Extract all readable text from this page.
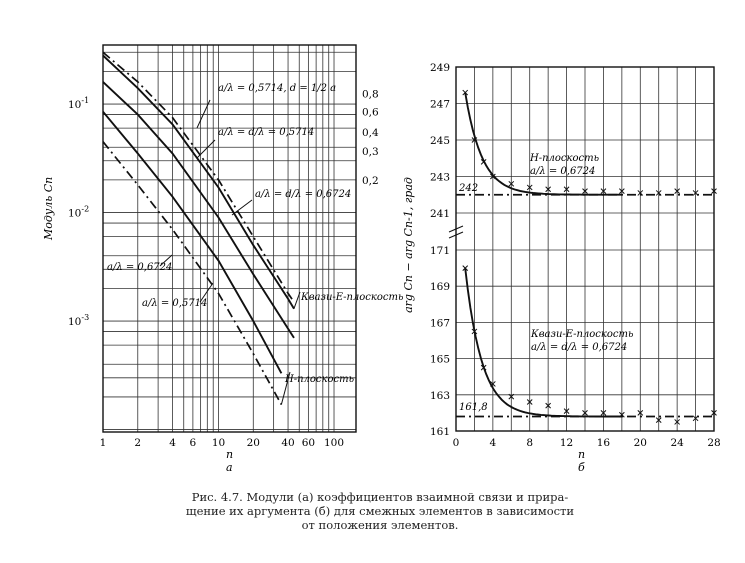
1	2	6 10 20	60 100
4	40
$10^{-1}$
$10^{-2}$
$10^{-3}$
0,8
0,6
0,4
0,3
0,2
Модуль Cn
n
а
a/λ = 0,5714, d = 1/2 a
a/λ = d/λ = 0,5714
a/λ = d/λ = 0,6724
a/λ = 0,6724
a/λ = 0,5714
Квази-Е-плоскость
Н-плоскость
0	4	8	12 16 20 24 28
249
247
245
243
241
171
169
167
165
163
161
arg Cn − arg Cn-1, град
n
б
Н-плоскость
a/λ = 0,6724
242
Квази-Е-плоскость
a/λ = d/λ = 0,6724
161,8
Рис. 4.7. Модули (a) коэффициентов взаимной связи и прира-
щение их аргумента (б) для смежных элементов в зависимости
от положения элементов.
